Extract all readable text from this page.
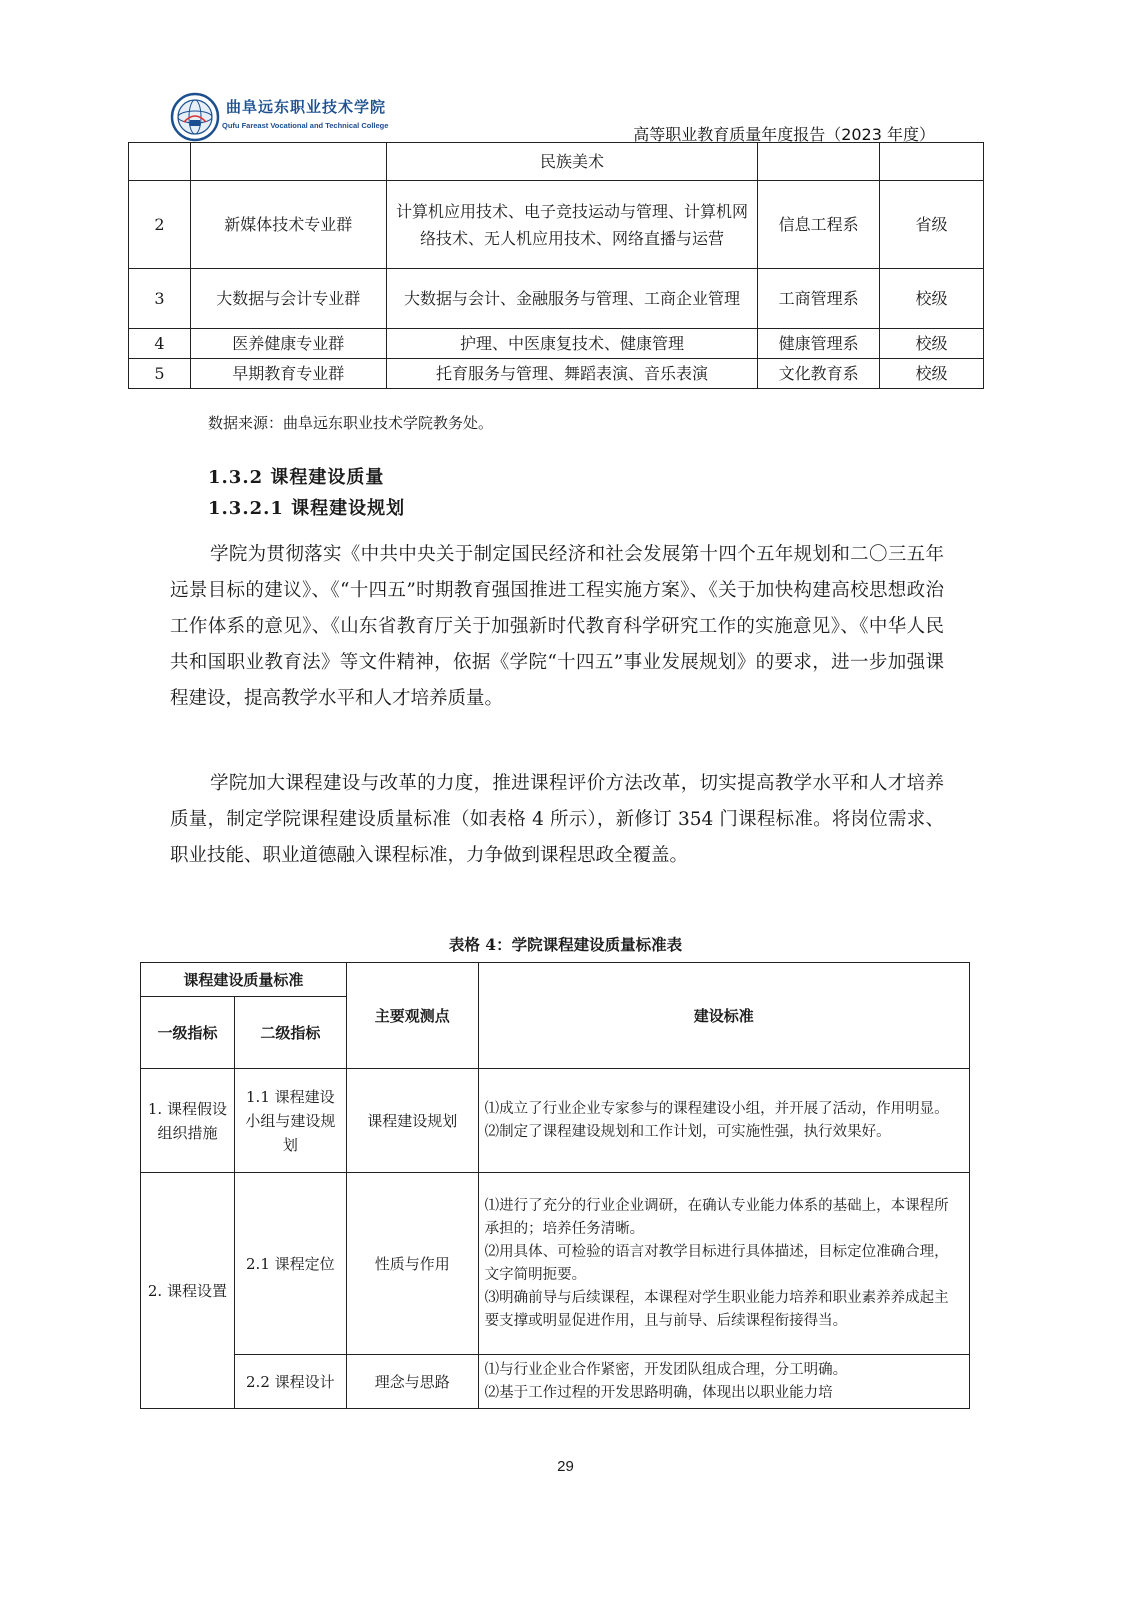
曲阜远东职业技术学院
Qufu Fareast Vocational and Technical College	高等职业教育质量年度报告（2023 年度）
		民族美术		
2	新媒体技术专业群	计算机应用技术、电子竞技运动与管理、计算机网络技术、无人机应用技术、网络直播与运营	信息工程系	省级
3	大数据与会计专业群	大数据与会计、金融服务与管理、工商企业管理	工商管理系	校级
4	医养健康专业群	护理、中医康复技术、健康管理	健康管理系	校级
5	早期教育专业群	托育服务与管理、舞蹈表演、音乐表演	文化教育系	校级
数据来源：曲阜远东职业技术学院教务处。
1.3.2 课程建设质量
1.3.2.1 课程建设规划

学院为贯彻落实《中共中央关于制定国民经济和社会发展第十四个五年规划和二〇三五年远景目标的建议》、《“十四五”时期教育强国推进工程实施方案》、《关于加快构建高校思想政治工作体系的意见》、《山东省教育厅关于加强新时代教育科学研究工作的实施意见》、《中华人民共和国职业教育法》等文件精神，依据《学院“十四五”事业发展规划》的要求，进一步加强课程建设，提高教学水平和人才培养质量。

学院加大课程建设与改革的力度，推进课程评价方法改革，切实提高教学水平和人才培养质量，制定学院课程建设质量标准（如表格 4 所示），新修订 354 门课程标准。将岗位需求、职业技能、职业道德融入课程标准，力争做到课程思政全覆盖。

表格 4：学院课程建设质量标准表
课程建设质量标准		主要观测点	建设标准
一级指标	二级指标		
1. 课程假设组织措施	1.1 课程建设小组与建设规划	课程建设规划	⑴成立了行业企业专家参与的课程建设小组，并开展了活动，作用明显。
⑵制定了课程建设规划和工作计划，可实施性强，执行效果好。

2. 课程设置	2.1 课程定位	性质与作用	⑴进行了充分的行业企业调研，在确认专业能力体系的基础上，本课程所承担的；培养任务清晰。
⑵用具体、可检验的语言对教学目标进行具体描述，目标定位准确合理，文字简明扼要。
⑶明确前导与后续课程，本课程对学生职业能力培养和职业素养养成起主要支撑或明显促进作用，且与前导、后续课程衔接得当。

	2.2 课程设计	理念与思路	⑴与行业企业合作紧密，开发团队组成合理，分工明确。
⑵基于工作过程的开发思路明确，体现出以职业能力培
29
